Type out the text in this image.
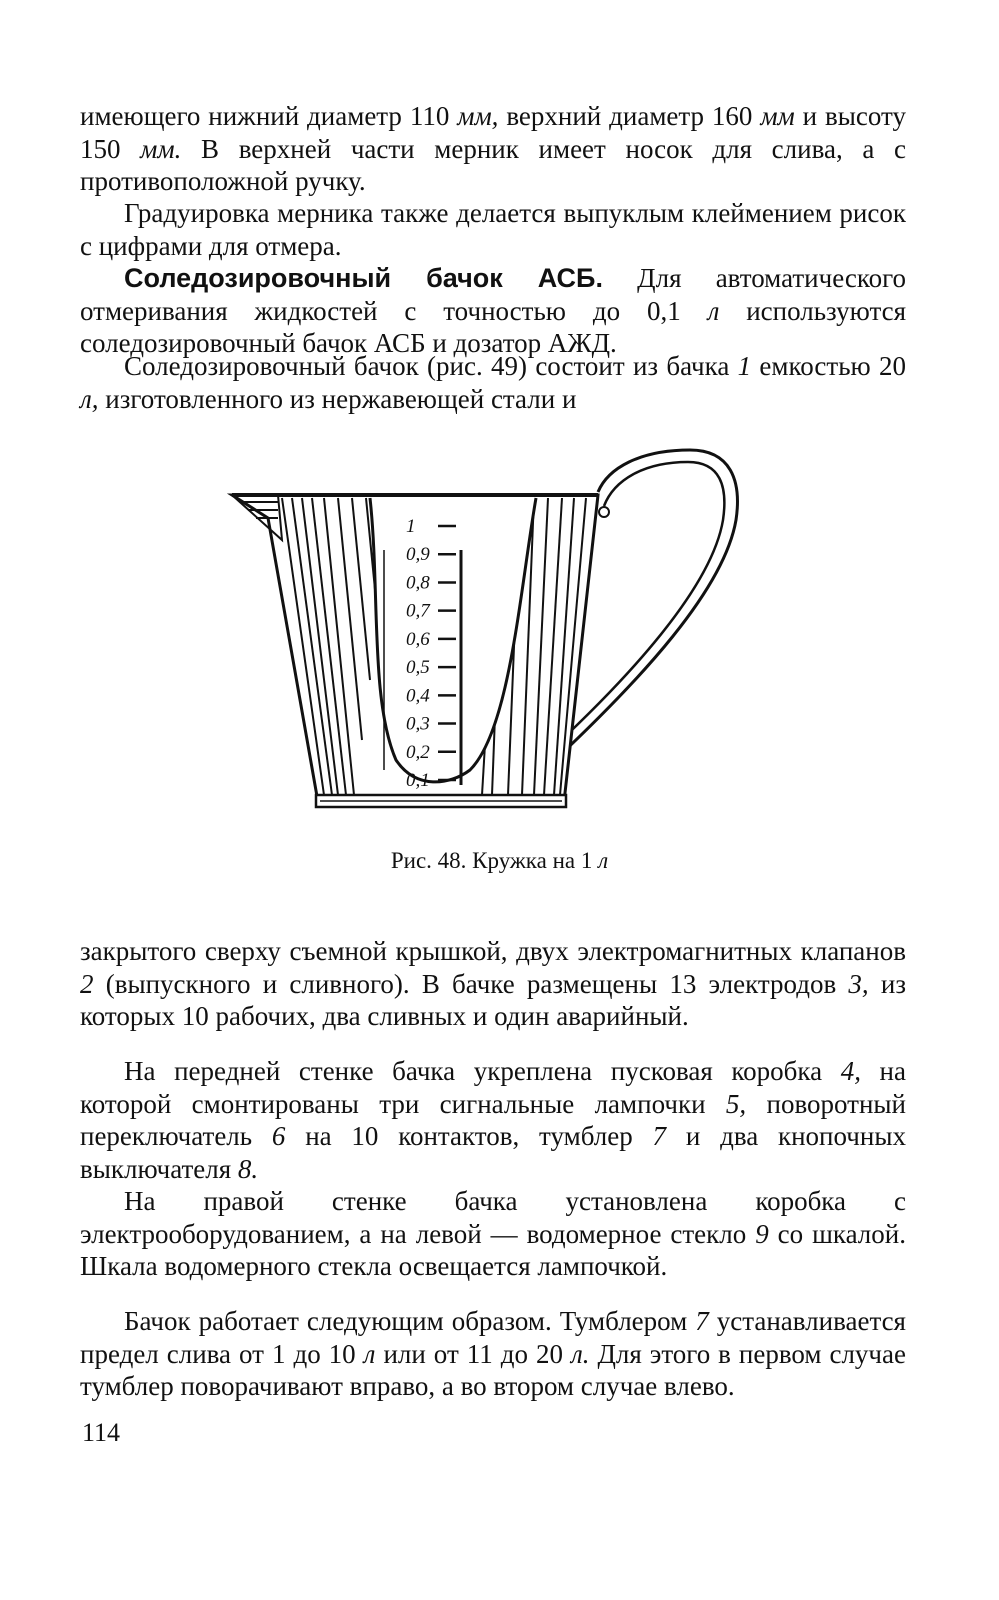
имеющего нижний диаметр 110 мм, верхний диаметр 160 мм и высоту 150 мм. В верхней части мерник имеет носок для слива, а с противоположной ручку.

Градуировка мерника также делается выпуклым клеймением рисок с цифрами для отмера.

Соледозировочный бачок АСБ. Для автоматического отмеривания жидкостей с точностью до 0,1 л используются соледозировочный бачок АСБ и дозатор АЖД.

Соледозировочный бачок (рис. 49) состоит из бачка 1 емкостью 20 л, изготовленного из нержавеющей стали и

1
0,9
0,8
0,7
0,6
0,5
0,4
0,3
0,2
0,1
Рис. 48. Кружка на 1 л

закрытого сверху съемной крышкой, двух электромагнитных клапанов 2 (выпускного и сливного). В бачке размещены 13 электродов 3, из которых 10 рабочих, два сливных и один аварийный.

На передней стенке бачка укреплена пусковая коробка 4, на которой смонтированы три сигнальные лампочки 5, поворотный переключатель 6 на 10 контактов, тумблер 7 и два кнопочных выключателя 8.

На правой стенке бачка установлена коробка с электрооборудованием, а на левой — водомерное стекло 9 со шкалой. Шкала водомерного стекла освещается лампочкой.

Бачок работает следующим образом. Тумблером 7 устанавливается предел слива от 1 до 10 л или от 11 до 20 л. Для этого в первом случае тумблер поворачивают вправо, а во втором случае влево.

114
